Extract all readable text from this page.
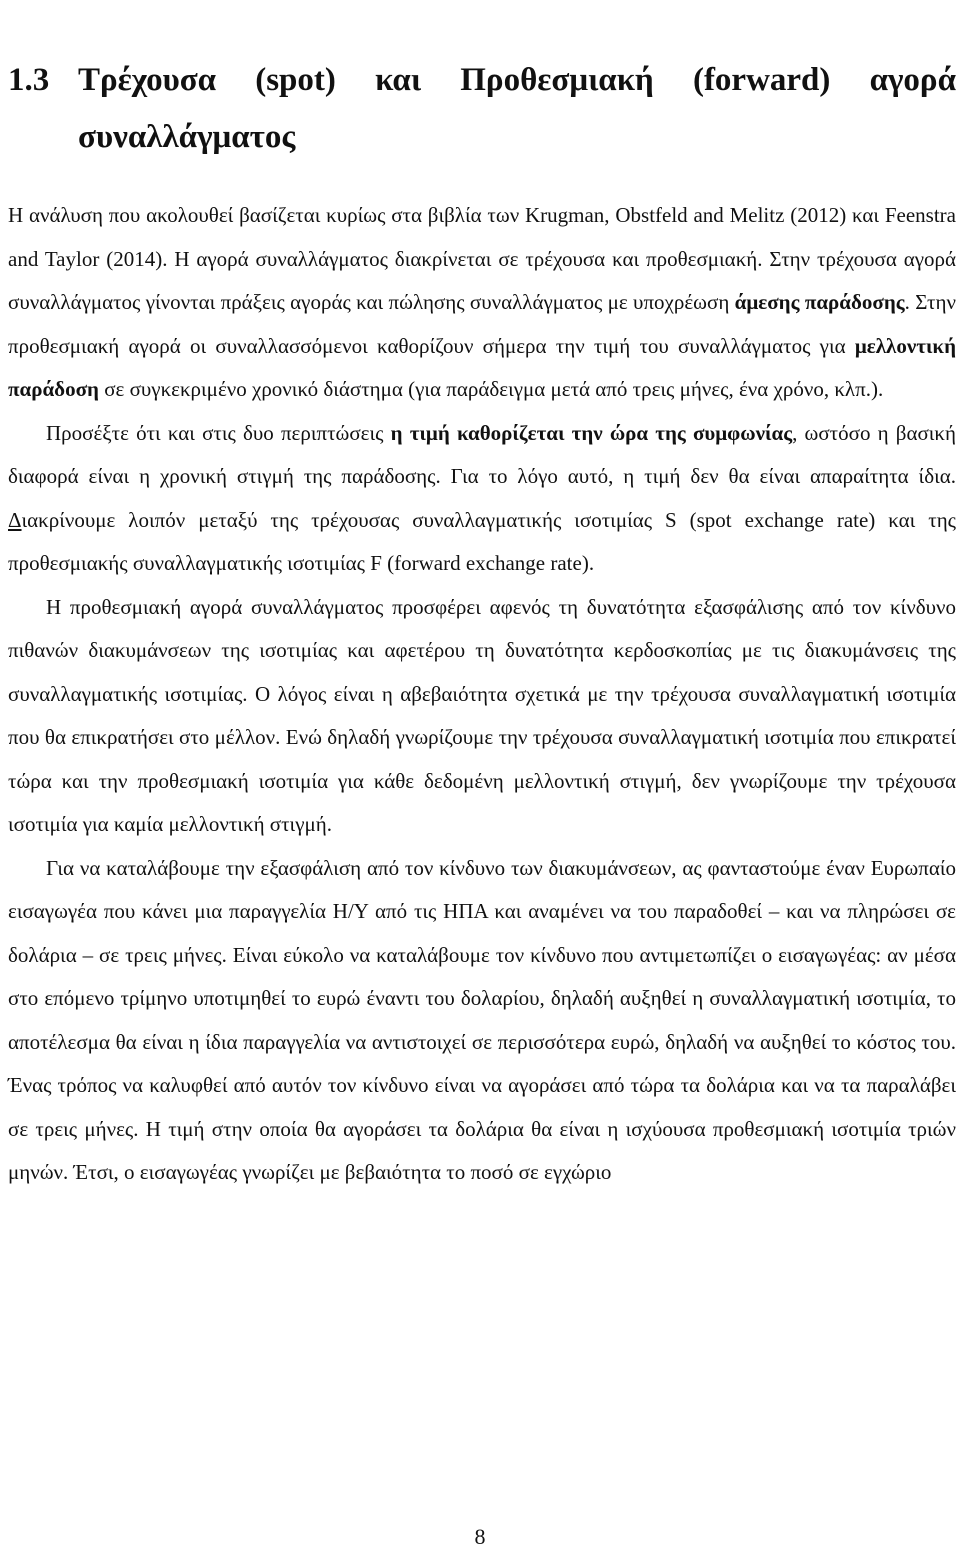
1.3 Τρέχουσα (spot) και Προθεσμιακή (forward) αγορά συναλλάγματος

Η ανάλυση που ακολουθεί βασίζεται κυρίως στα βιβλία των Krugman, Obstfeld and Melitz (2012) και Feenstra and Taylor (2014). Η αγορά συναλλάγματος διακρίνεται σε τρέχουσα και προθεσμιακή. Στην τρέχουσα αγορά συναλλάγματος γίνονται πράξεις αγοράς και πώλησης συναλλάγματος με υποχρέωση άμεσης παράδοσης. Στην προθεσμιακή αγορά οι συναλλασσόμενοι καθορίζουν σήμερα την τιμή του συναλλάγματος για μελλοντική παράδοση σε συγκεκριμένο χρονικό διάστημα (για παράδειγμα μετά από τρεις μήνες, ένα χρόνο, κλπ.).

Προσέξτε ότι και στις δυο περιπτώσεις η τιμή καθορίζεται την ώρα της συμφωνίας, ωστόσο η βασική διαφορά είναι η χρονική στιγμή της παράδοσης. Για το λόγο αυτό, η τιμή δεν θα είναι απαραίτητα ίδια. Διακρίνουμε λοιπόν μεταξύ της τρέχουσας συναλλαγματικής ισοτιμίας S (spot exchange rate) και της προθεσμιακής συναλλαγματικής ισοτιμίας F (forward exchange rate).

Η προθεσμιακή αγορά συναλλάγματος προσφέρει αφενός τη δυνατότητα εξασφάλισης από τον κίνδυνο πιθανών διακυμάνσεων της ισοτιμίας και αφετέρου τη δυνατότητα κερδοσκοπίας με τις διακυμάνσεις της συναλλαγματικής ισοτιμίας. Ο λόγος είναι η αβεβαιότητα σχετικά με την τρέχουσα συναλλαγματική ισοτιμία που θα επικρατήσει στο μέλλον. Ενώ δηλαδή γνωρίζουμε την τρέχουσα συναλλαγματική ισοτιμία που επικρατεί τώρα και την προθεσμιακή ισοτιμία για κάθε δεδομένη μελλοντική στιγμή, δεν γνωρίζουμε την τρέχουσα ισοτιμία για καμία μελλοντική στιγμή.

Για να καταλάβουμε την εξασφάλιση από τον κίνδυνο των διακυμάνσεων, ας φανταστούμε έναν Ευρωπαίο εισαγωγέα που κάνει μια παραγγελία Η/Υ από τις ΗΠΑ και αναμένει να του παραδοθεί – και να πληρώσει σε δολάρια – σε τρεις μήνες. Είναι εύκολο να καταλάβουμε τον κίνδυνο που αντιμετωπίζει ο εισαγωγέας: αν μέσα στο επόμενο τρίμηνο υποτιμηθεί το ευρώ έναντι του δολαρίου, δηλαδή αυξηθεί η συναλλαγματική ισοτιμία, το αποτέλεσμα θα είναι η ίδια παραγγελία να αντιστοιχεί σε περισσότερα ευρώ, δηλαδή να αυξηθεί το κόστος του. Ένας τρόπος να καλυφθεί από αυτόν τον κίνδυνο είναι να αγοράσει από τώρα τα δολάρια και να τα παραλάβει σε τρεις μήνες. Η τιμή στην οποία θα αγοράσει τα δολάρια θα είναι η ισχύουσα προθεσμιακή ισοτιμία τριών μηνών. Έτσι, ο εισαγωγέας γνωρίζει με βεβαιότητα το ποσό σε εγχώριο

8
